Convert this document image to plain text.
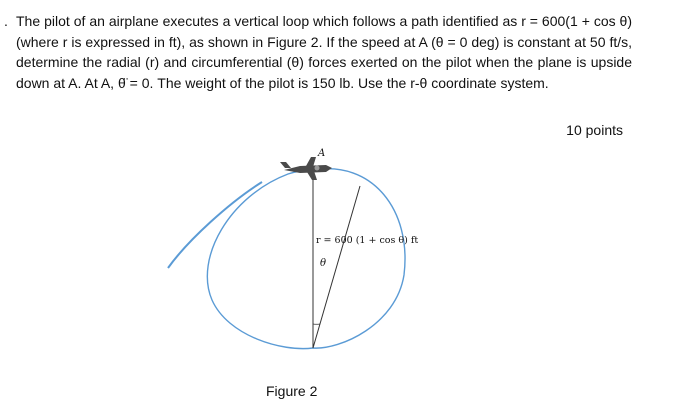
. The pilot of an airplane executes a vertical loop which follows a path identified as r = 600(1 + cos θ) (where r is expressed in ft), as shown in Figure 2. If the speed at A (θ = 0 deg) is constant at 50 ft/s, determine the radial (r) and circumferential (θ) forces exerted on the pilot when the plane is upside down at A. At A, θ̈ = 0. The weight of the pilot is 150 lb. Use the r-θ coordinate system.
10 points
A
r = 600 (1 + cos θ) ft
θ
Figure 2
